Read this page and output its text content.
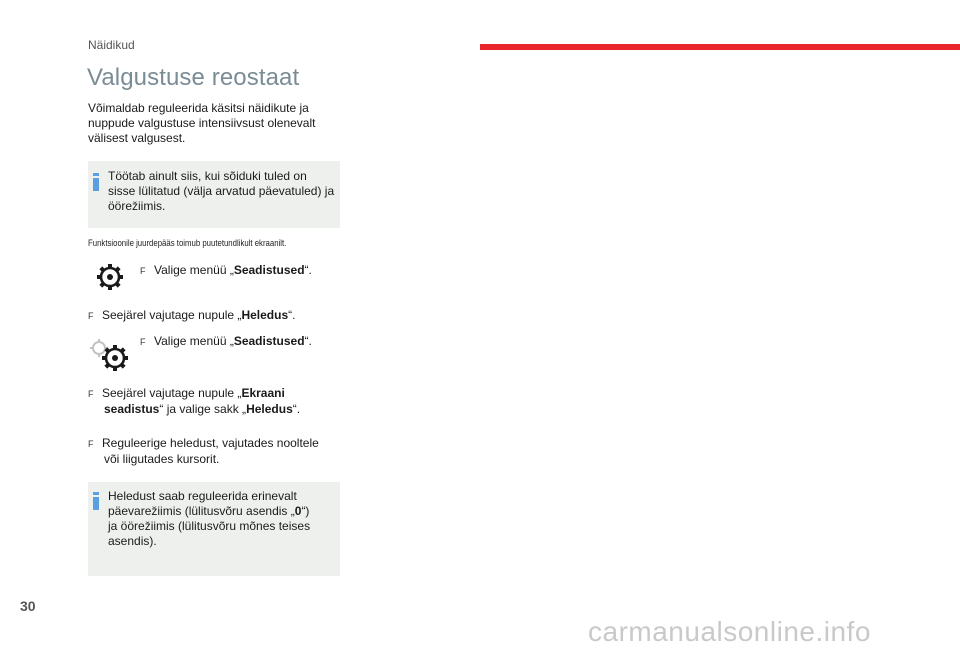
Näidikud
Valgustuse reostaat
Võimaldab reguleerida käsitsi näidikute ja nuppude valgustuse intensiivsust olenevalt välisest valgusest.
Töötab ainult siis, kui sõiduki tuled on
sisse lülitatud (välja arvatud päevatuled) ja
öörežiimis.
Funktsioonile juurdepääs toimub puutetundlikult ekraanilt.
F Valige menüü „Seadistused“.
F Seejärel vajutage nupule „Heledus“.
F Valige menüü „Seadistused“.
F Seejärel vajutage nupule „Ekraani
seadistus“ ja valige sakk „Heledus“.
F Reguleerige heledust, vajutades nooltele
või liigutades kursorit.
Heledust saab reguleerida erinevalt
päevarežiimis (lülitusvõru asendis „0“)
ja öörežiimis (lülitusvõru mõnes teises
asendis).
30
carmanualsonline.info
